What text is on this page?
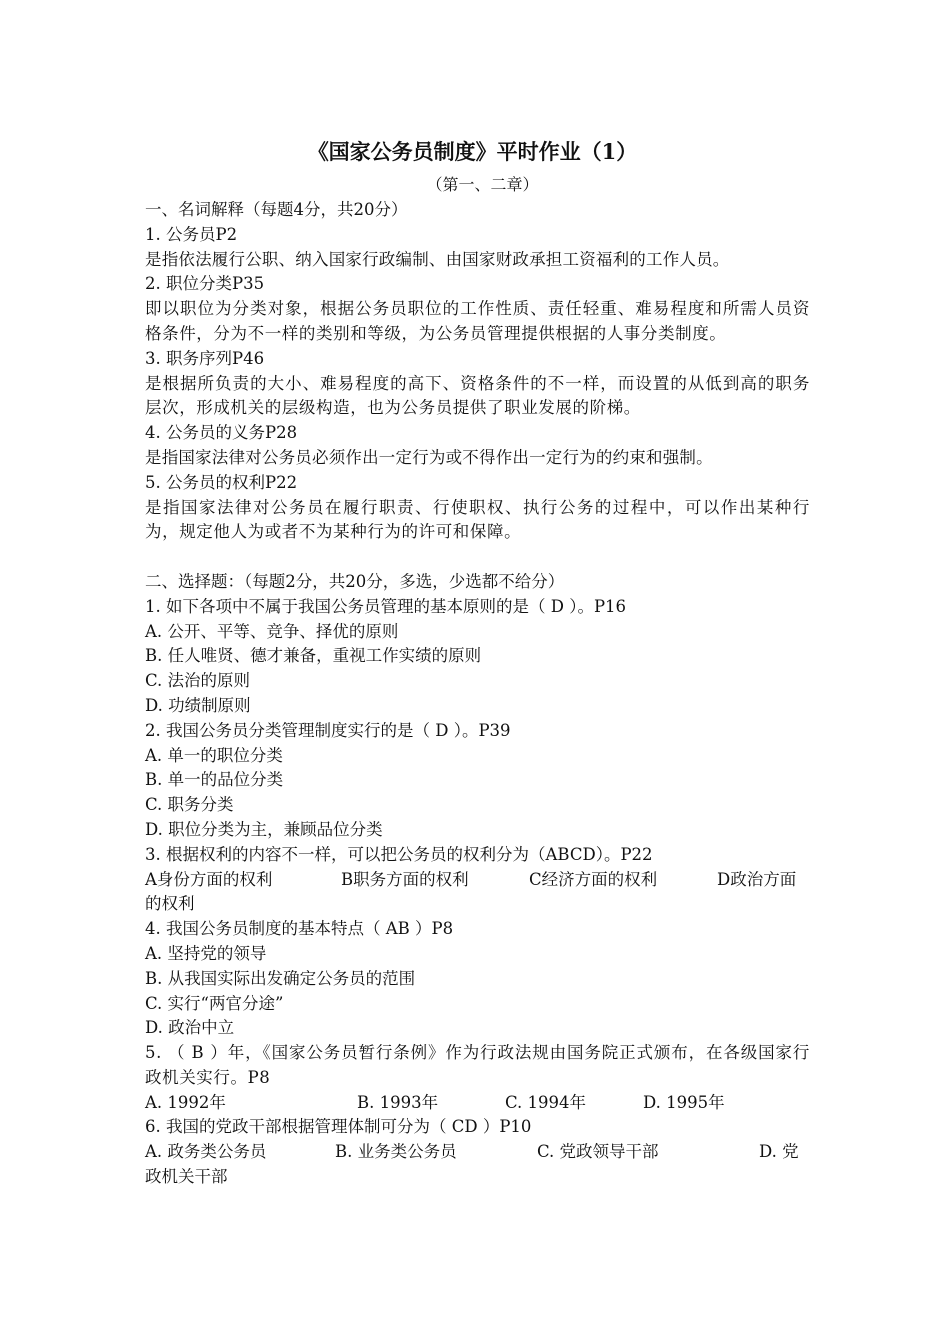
《国家公务员制度》平时作业（1）
（第一、二章）
一、名词解释（每题4分，共20分）
1. 公务员P2
是指依法履行公职、纳入国家行政编制、由国家财政承担工资福利的工作人员。
2. 职位分类P35
即以职位为分类对象，根据公务员职位的工作性质、责任轻重、难易程度和所需人员资格条件，分为不一样的类别和等级，为公务员管理提供根据的人事分类制度。
3. 职务序列P46
是根据所负责的大小、难易程度的高下、资格条件的不一样，而设置的从低到高的职务层次，形成机关的层级构造，也为公务员提供了职业发展的阶梯。
4. 公务员的义务P28
是指国家法律对公务员必须作出一定行为或不得作出一定行为的约束和强制。
5. 公务员的权利P22
是指国家法律对公务员在履行职责、行使职权、执行公务的过程中，可以作出某种行为，规定他人为或者不为某种行为的许可和保障。
二、选择题：（每题2分，共20分，多选，少选都不给分）
1. 如下各项中不属于我国公务员管理的基本原则的是（ D ）。P16
A. 公开、平等、竞争、择优的原则
B. 任人唯贤、德才兼备，重视工作实绩的原则
C. 法治的原则
D. 功绩制原则
2. 我国公务员分类管理制度实行的是（ D ）。P39
A. 单一的职位分类
B. 单一的品位分类
C. 职务分类
D. 职位分类为主，兼顾品位分类
3. 根据权利的内容不一样，可以把公务员的权利分为（ABCD）。P22
A身份方面的权利	B职务方面的权利	C经济方面的权利	D政治方面
的权利
4. 我国公务员制度的基本特点（ AB ）P8
A. 坚持党的领导
B. 从我国实际出发确定公务员的范围
C. 实行“两官分途”
D. 政治中立
5. （ B ）年，《国家公务员暂行条例》作为行政法规由国务院正式颁布，在各级国家行政机关实行。P8
A. 1992年	B. 1993年	C. 1994年	D. 1995年
6. 我国的党政干部根据管理体制可分为（ CD ）P10
A. 政务类公务员	B. 业务类公务员	C. 党政领导干部	D. 党
政机关干部
